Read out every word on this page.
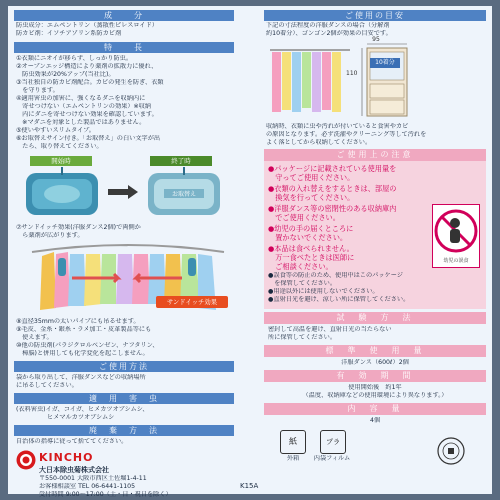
成　　分
防虫成分：エムペントリン（蒸散性ピレスロイド）
防カビ剤：イソチアゾリン系防カビ剤
特　　長
①衣類にニオイが移らず、しっかり防虫。
②オープンエッジ構造により薬剤の拡散力に優れ、
　防虫効果が20%アップ(当社比)。
③当社独自の防カビ剤配合。カビの発生を防ぎ、衣類
　を守ります。
④適用害虫の加害に、強くなるダニを収納内に
　寄せつけない（エムペントリンの効果）※収納
　内にダニを寄せつけない効果を確認しています。
　※マダニを対象とした製品ではありません。
⑤使いやすいスリムタイプ。
⑥お取替えサイン付き。「お取替え」の白い文字が出
　たら、取り替えてください。
開始時	終了時
お取替え
⑦サンドイッチ効果(洋服ダンス2個)で両側か
　ら薬剤が広がります。
サンドイッチ効果
⑧直径35mmの太いパイプにも吊るせます。
⑨毛皮、金糸・銀糸・ラメ加工・皮革製品等にも
　使えます。
⑩他の防虫剤(パラジクロルベンゼン、ナフタリン、
　樟脳)と併用しても化学変化を起こしません。
ご使用方法
袋から取り出して、洋服ダンスなどの収納場所
に吊るしてください。
適　用　害　虫
(衣料害虫)イガ、コイガ、ヒメカツオブシムシ、
　　　　　ヒメマルカツオブシムシ
廃　棄　方　法
自治体の指導に従って捨ててください。
KINCHO
大日本除虫菊株式会社
〒550-0001 大阪市西区土佐堀1-4-11
お客様相談室 TEL 06-6441-1105
受付時間 9:00～17:00（土・日・祝日を除く）
ご使用の目安
下記の寸法程度の洋服ダンスの場合（分解剤
約10着分）、ゴンゴン2個が効果の目安です。
95
110
10着分
収納時、衣類に虫や汚れが付いていると食害やカビ
の原因となります。必ず洗濯やクリーニング等して汚れを
よく落としてから収納してください。
ご使用上の注意
●パッケージに記載されている使用量を
　守ってご使用ください。
●衣類の入れ替えをするときは、部屋の
　換気を行ってください。
●洋服ダンス等の密閉性のある収納庫内
　でご使用ください。
●幼児の手の届くところに
　置かないでください。
●本品は食べられません。
　万一食べたときは医師に
　ご相談ください。
幼児の誤食
●誤食等の防止のため、使用中はこのパッケージ
　を保管してください。
●用途以外には使用しないでください。
●直射日光を避け、涼しい所に保管してください。
試　験　方　法
密封して高温を避け、直射日光の当たらない
所に保管してください。
標　準　使　用　量
洋服ダンス（600ℓ）2個
有　効　期　間
使用開始後　約1年
（温度、収納庫などの使用環境により異なります。）
内　容　量
4個
紙
外箱
プラ
内袋フィルム
K15A
